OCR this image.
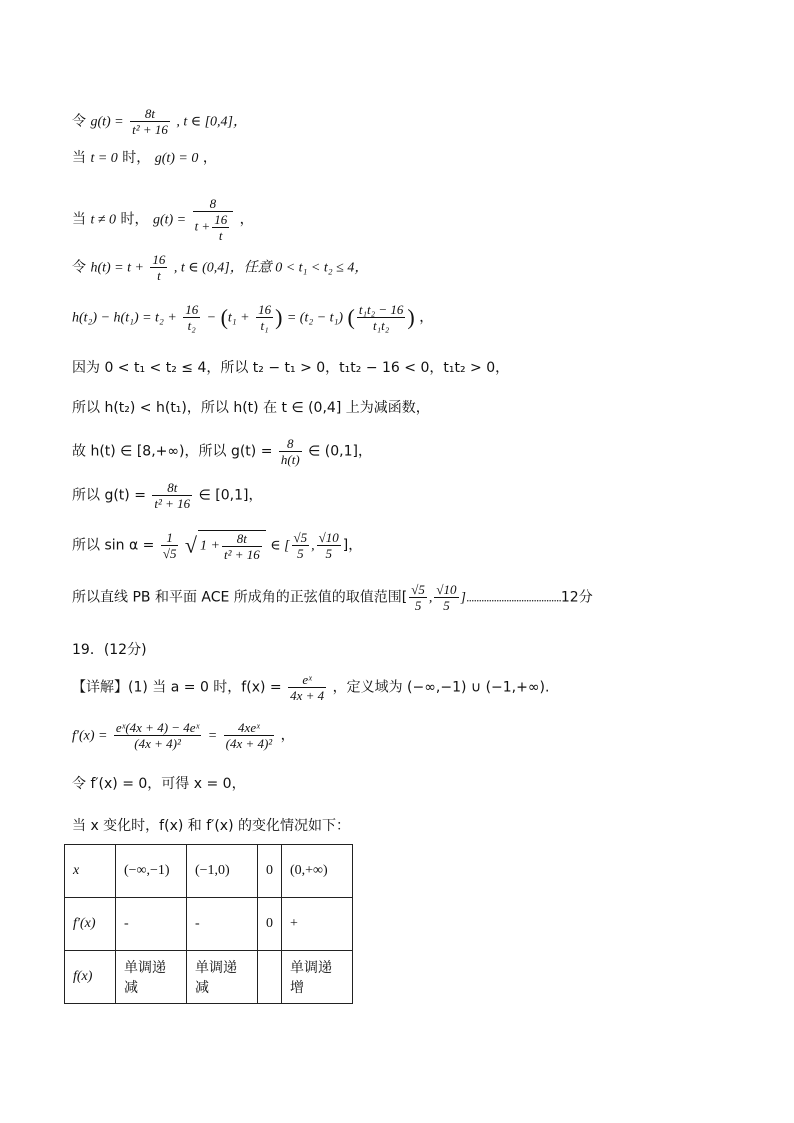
令 $g(t) = \frac{8t}{\text{t² + 16}}$ , t ∈ [0,4]，
当 t = 0 时， g(t) = 0 ，
当 t ≠ 0 时， $g(t) = \frac{8}{t + \frac{16}{t}}$ ，
令 $h(t) = t + \frac{16}{t}$ , t ∈ (0,4]，任意 0 < t₁ < t₂ ≤ 4，
$h(t_2) - h(t_1) = t_2 + \frac{16}{\text{t₂}} - (t_1 + \frac{16}{\text{t₁}}$ ) = (t₂ − t₁) ( $\frac{\text{t₁t₂ − 16}}{\text{t₁t₂}}$ ) ，
因为 0 < t₁ < t₂ ≤ 4，所以 t₂ − t₁ > 0，t₁t₂ − 16 < 0，t₁t₂ > 0，
所以 h(t₂) < h(t₁)，所以 h(t) 在 t ∈ (0,4] 上为减函数，
故 h(t) ∈ [8,+∞)，所以 $g(t) = \frac{8}{h(t)}$ ∈ (0,1]，
所以 $g(t) = \frac{8t}{\text{t² + 16}}$ ∈ [0,1]，
所以 $\sin \alpha = \frac{1}{√5}$ √ $1 + \frac{8t}{\text{t² + 16}}$ ∈ [ $\frac{√5}{5}$ , $\frac{√10}{5}$ ]，
所以直线 PB 和平面 ACE 所成角的正弦值的取值范围[ $\frac{√5}{5}$ , $\frac{√10}{5} ]......................................12$分
19．(12分)
【详解】(1) 当 a = 0 时，$f(x) = \frac{\text{eˣ}}{4x + 4}$ ，定义域为 (−∞,−1) ∪ (−1,+∞).
$f'(x) = \frac{\text{eˣ(4x + 4) − 4eˣ}}{\text{(4x + 4)²}} = \frac{\text{4xeˣ}}{\text{(4x + 4)²}}$ ，
令 f′(x) = 0，可得 x = 0，
当 x 变化时，f(x) 和 f′(x) 的变化情况如下：
x	(−∞,−1)	(−1,0)	0	(0,+∞)
f′(x)	-	-	0	+
f(x)	单调递减	单调递减		单调递增
